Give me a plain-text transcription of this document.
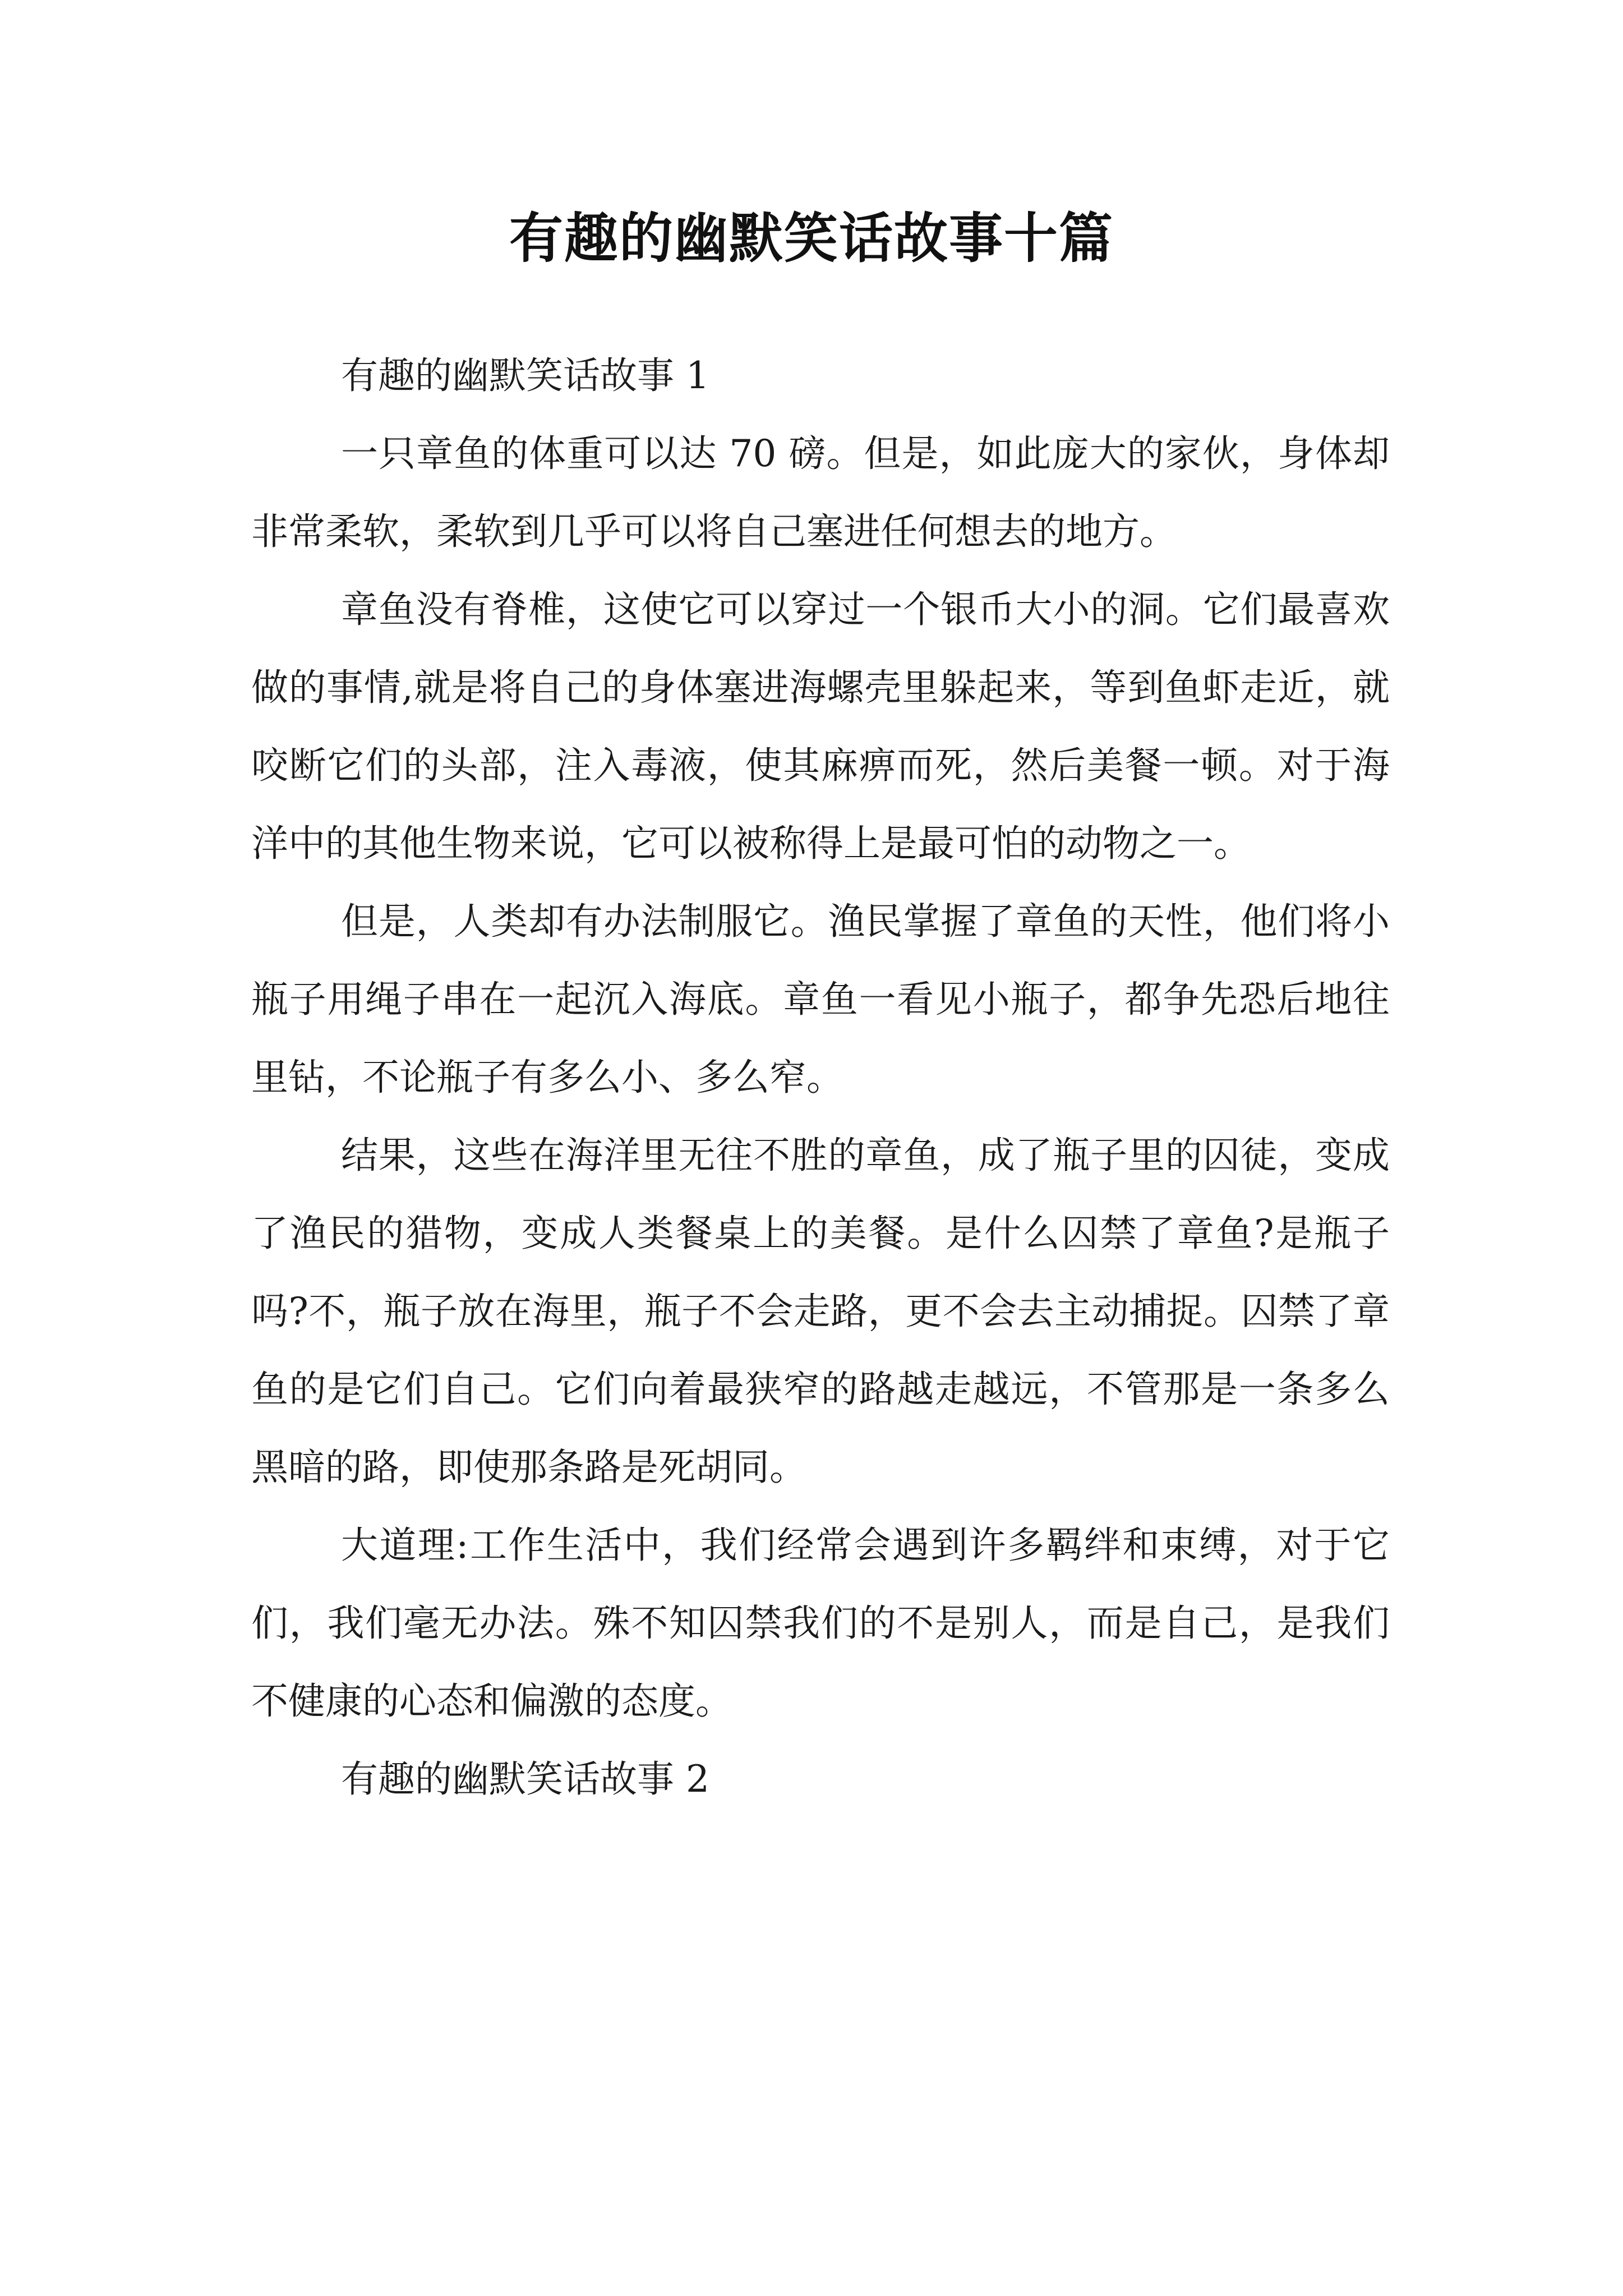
有趣的幽默笑话故事十篇

有趣的幽默笑话故事 1

一只章鱼的体重可以达 70 磅。但是，如此庞大的家伙，身体却非常柔软，柔软到几乎可以将自己塞进任何想去的地方。

章鱼没有脊椎，这使它可以穿过一个银币大小的洞。它们最喜欢做的事情,就是将自己的身体塞进海螺壳里躲起来，等到鱼虾走近，就咬断它们的头部，注入毒液，使其麻痹而死，然后美餐一顿。对于海洋中的其他生物来说，它可以被称得上是最可怕的动物之一。

但是，人类却有办法制服它。渔民掌握了章鱼的天性，他们将小瓶子用绳子串在一起沉入海底。章鱼一看见小瓶子，都争先恐后地往里钻，不论瓶子有多么小、多么窄。

结果，这些在海洋里无往不胜的章鱼，成了瓶子里的囚徒，变成了渔民的猎物，变成人类餐桌上的美餐。是什么囚禁了章鱼?是瓶子吗?不，瓶子放在海里，瓶子不会走路，更不会去主动捕捉。囚禁了章鱼的是它们自己。它们向着最狭窄的路越走越远，不管那是一条多么黑暗的路，即使那条路是死胡同。

大道理:工作生活中，我们经常会遇到许多羁绊和束缚，对于它们，我们毫无办法。殊不知囚禁我们的不是别人，而是自己，是我们不健康的心态和偏激的态度。

有趣的幽默笑话故事 2
